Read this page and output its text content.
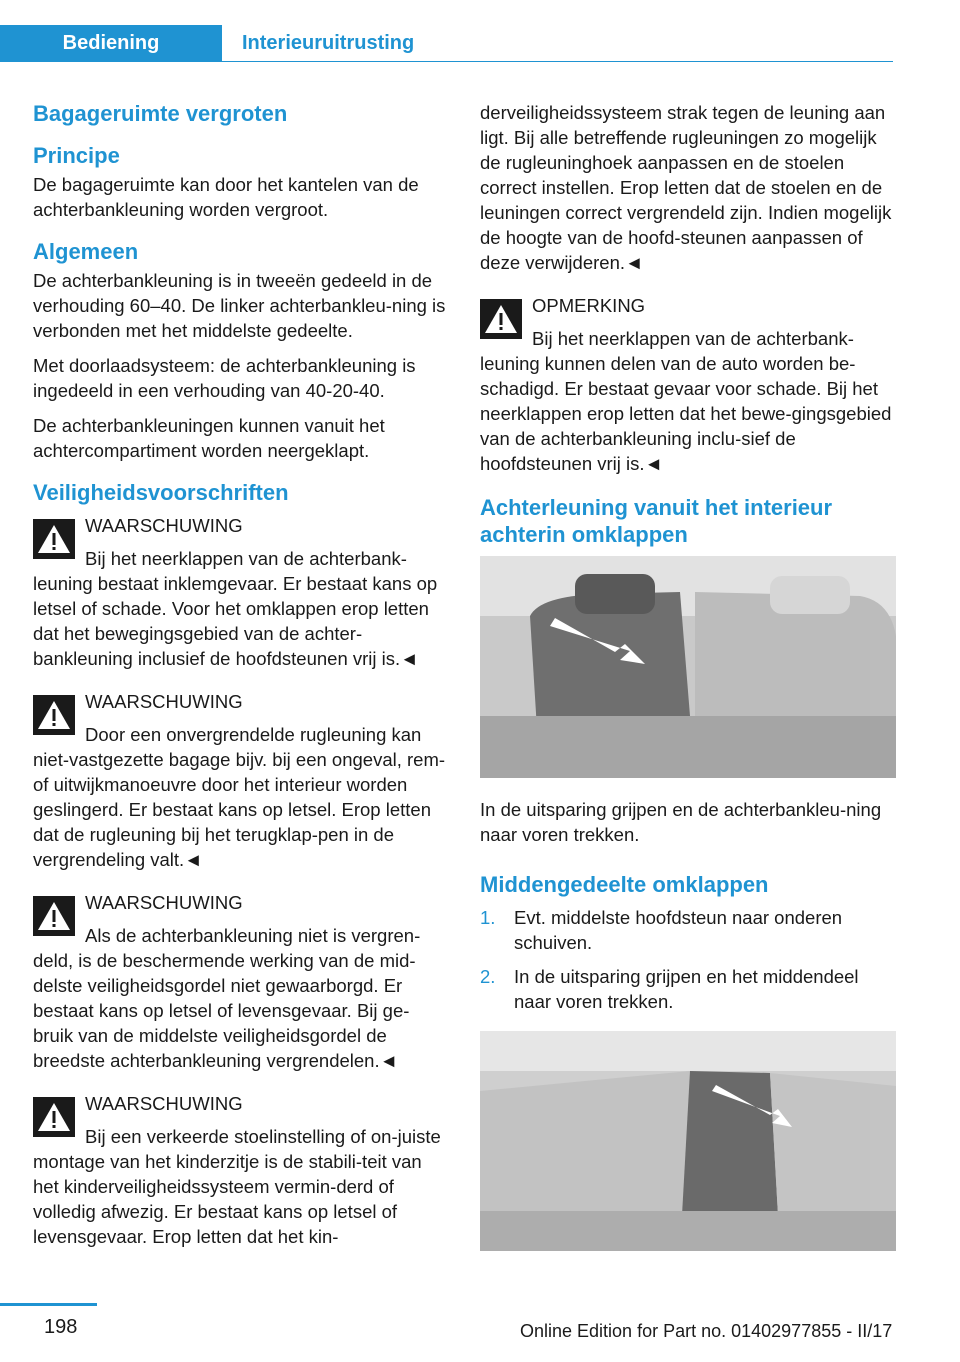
Bediening	Interieuruitrusting
Bagageruimte vergroten
Principe

De bagageruimte kan door het kantelen van de achterbankleuning worden vergroot.

Algemeen

De achterbankleuning is in tweeën gedeeld in de verhouding 60–40. De linker achterbankleu‐ning is verbonden met het middelste gedeelte.

Met doorlaadsysteem: de achterbankleuning is ingedeeld in een verhouding van 40‑20‑40.

De achterbankleuningen kunnen vanuit het achtercompartiment worden neergeklapt.

Veiligheidsvoorschriften
WAARSCHUWING
Bij het neerklappen van de achterbank‐leuning bestaat inklemgevaar. Er bestaat kans op letsel of schade. Voor het omklappen erop letten dat het bewegingsgebied van de achter‐bankleuning inclusief de hoofdsteunen vrij is.◄
WAARSCHUWING
Door een onvergrendelde rugleuning kan niet-vastgezette bagage bijv. bij een ongeval, rem- of uitwijkmanoeuvre door het interieur worden geslingerd. Er bestaat kans op letsel. Erop letten dat de rugleuning bij het terugklap‐pen in de vergrendeling valt.◄
WAARSCHUWING
Als de achterbankleuning niet is vergren‐deld, is de beschermende werking van de mid‐delste veiligheidsgordel niet gewaarborgd. Er bestaat kans op letsel of levensgevaar. Bij ge‐bruik van de middelste veiligheidsgordel de breedste achterbankleuning vergrendelen.◄
WAARSCHUWING
Bij een verkeerde stoelinstelling of on‐juiste montage van het kinderzitje is de stabili‐teit van het kinderveiligheidssysteem vermin‐derd of volledig afwezig. Er bestaat kans op letsel of levensgevaar. Erop letten dat het kin‐

derveiligheidssysteem strak tegen de leuning aan ligt. Bij alle betreffende rugleuningen zo mogelijk de rugleuninghoek aanpassen en de stoelen correct instellen. Erop letten dat de stoelen en de leuningen correct vergrendeld zijn. Indien mogelijk de hoogte van de hoofd‐steunen aanpassen of deze verwijderen.◄

OPMERKING
Bij het neerklappen van de achterbank‐leuning kunnen delen van de auto worden be‐schadigd. Er bestaat gevaar voor schade. Bij het neerklappen erop letten dat het bewe‐gingsgebied van de achterbankleuning inclu‐sief de hoofdsteunen vrij is.◄
Achterleuning vanuit het interieur achterin omklappen

In de uitsparing grijpen en de achterbankleu‐ning naar voren trekken.

Middengedeelte omklappen
1. Evt. middelste hoofdsteun naar onderen schuiven.
2. In de uitsparing grijpen en het middendeel naar voren trekken.
198	Online Edition for Part no. 01402977855 - II/17
